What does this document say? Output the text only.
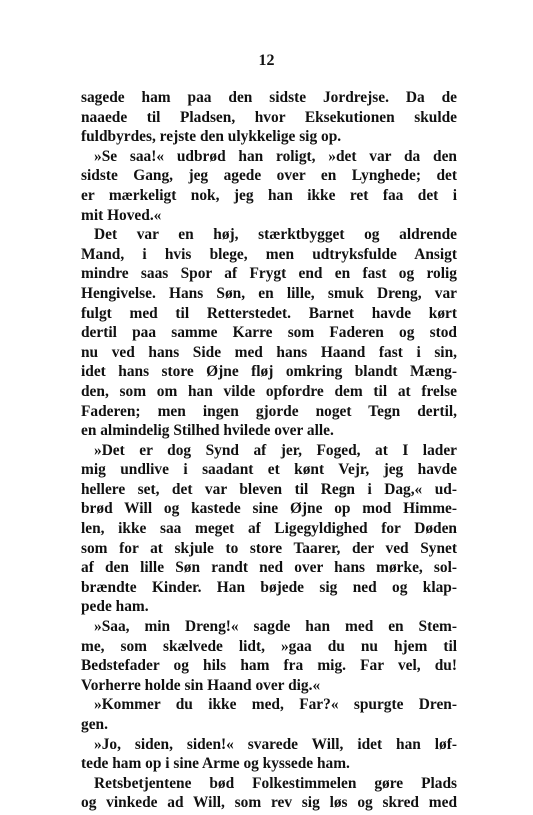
12
sagede ham paa den sidste Jordrejse. Da de
naaede til Pladsen, hvor Eksekutionen skulde
fuldbyrdes, rejste den ulykkelige sig op.
»Se saa!« udbrød han roligt, »det var da den
sidste Gang, jeg agede over en Lynghede; det
er mærkeligt nok, jeg han ikke ret faa det i
mit Hoved.«
Det var en høj, stærktbygget og aldrende
Mand, i hvis blege, men udtryksfulde Ansigt
mindre saas Spor af Frygt end en fast og rolig
Hengivelse. Hans Søn, en lille, smuk Dreng, var
fulgt med til Retterstedet. Barnet havde kørt
dertil paa samme Karre som Faderen og stod
nu ved hans Side med hans Haand fast i sin,
idet hans store Øjne fløj omkring blandt Mæng-
den, som om han vilde opfordre dem til at frelse
Faderen; men ingen gjorde noget Tegn dertil,
en almindelig Stilhed hvilede over alle.
»Det er dog Synd af jer, Foged, at I lader
mig undlive i saadant et kønt Vejr, jeg havde
hellere set, det var bleven til Regn i Dag,« ud-
brød Will og kastede sine Øjne op mod Himme-
len, ikke saa meget af Ligegyldighed for Døden
som for at skjule to store Taarer, der ved Synet
af den lille Søn randt ned over hans mørke, sol-
brændte Kinder. Han bøjede sig ned og klap-
pede ham.
»Saa, min Dreng!« sagde han med en Stem-
me, som skælvede lidt, »gaa du nu hjem til
Bedstefader og hils ham fra mig. Far vel, du!
Vorherre holde sin Haand over dig.«
»Kommer du ikke med, Far?« spurgte Dren-
gen.
»Jo, siden, siden!« svarede Will, idet han løf-
tede ham op i sine Arme og kyssede ham.
Retsbetjentene bød Folkestimmelen gøre Plads
og vinkede ad Will, som rev sig løs og skred med
